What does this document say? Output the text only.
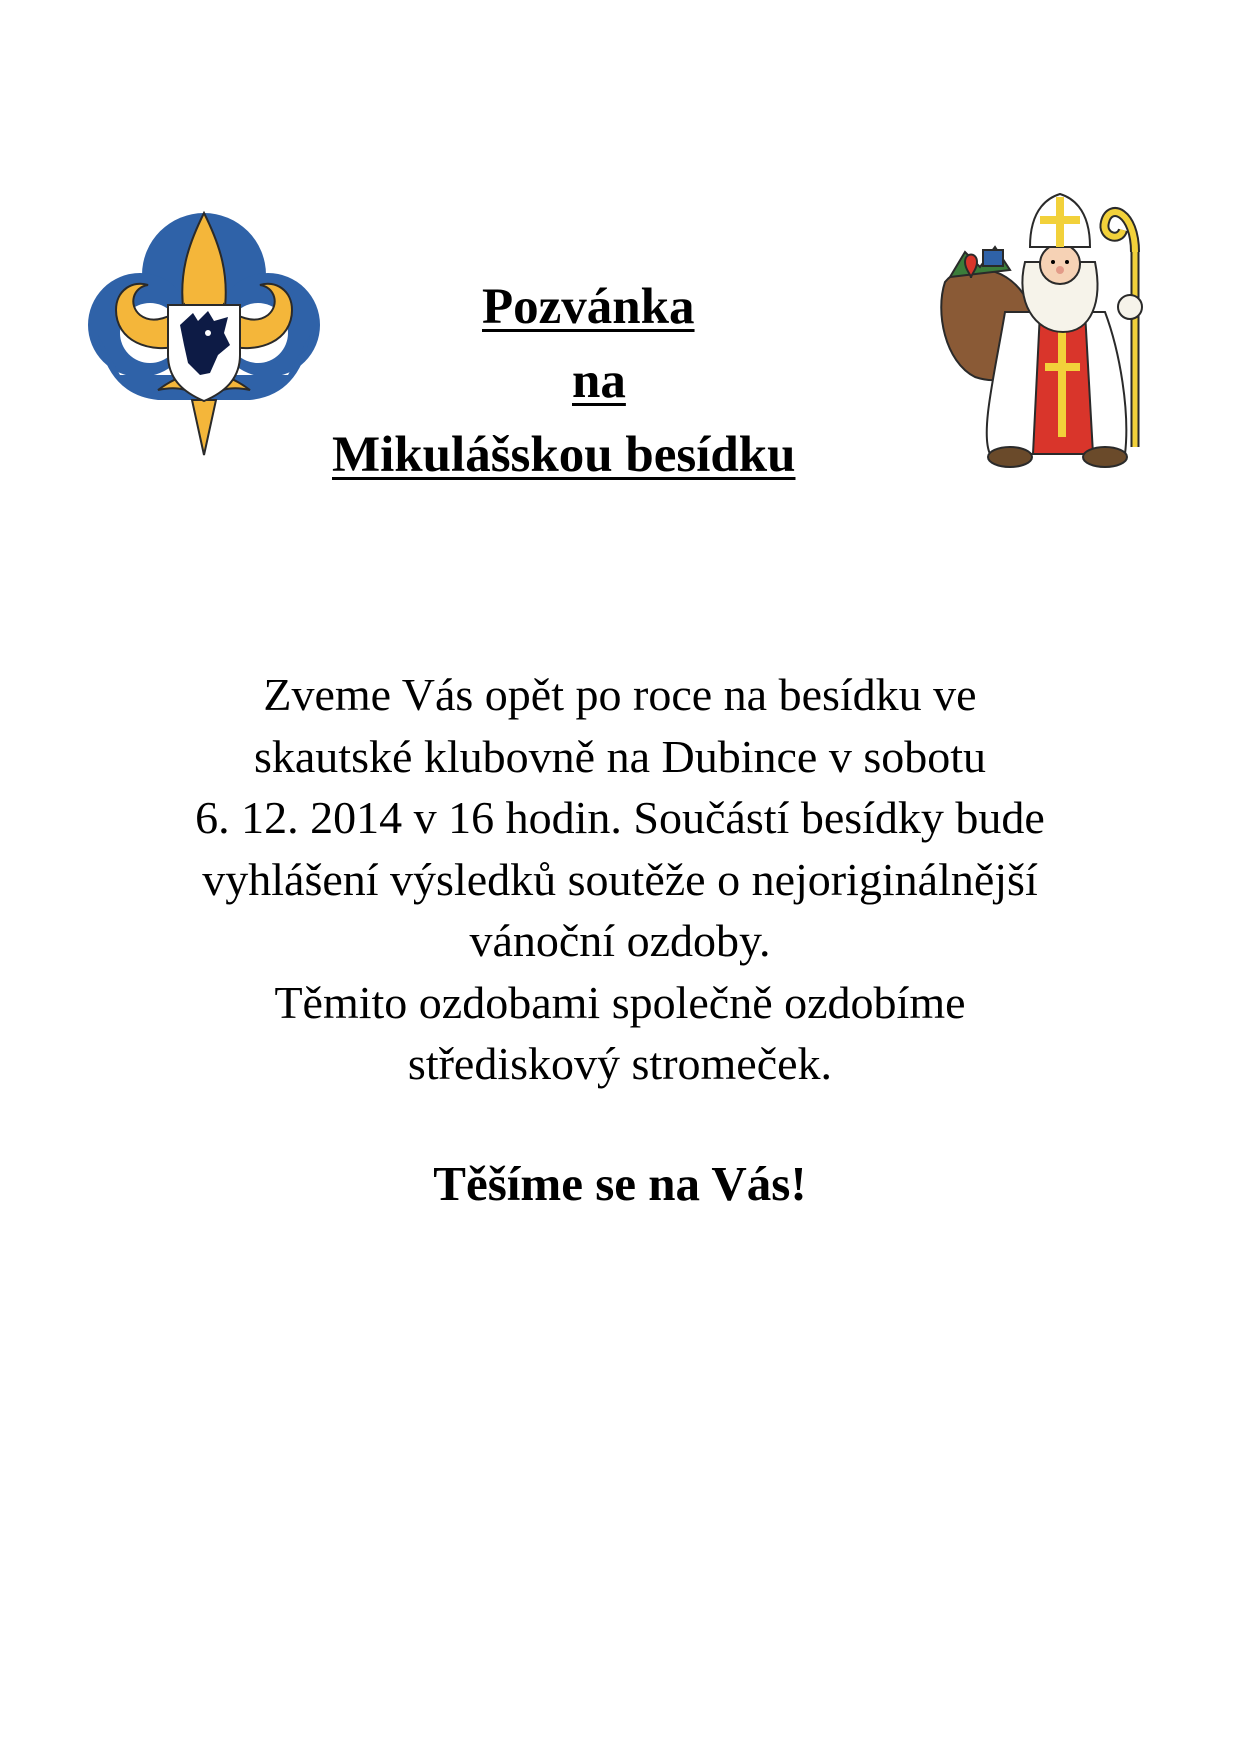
Pozvánka
na
Mikulášskou besídku
Zveme Vás opět po roce na besídku ve
skautské klubovně na Dubince v sobotu
6. 12. 2014 v 16 hodin. Součástí besídky bude
vyhlášení výsledků soutěže o nejoriginálnější
vánoční ozdoby.
Těmito ozdobami společně ozdobíme
střediskový stromeček.
Těšíme se na Vás!
